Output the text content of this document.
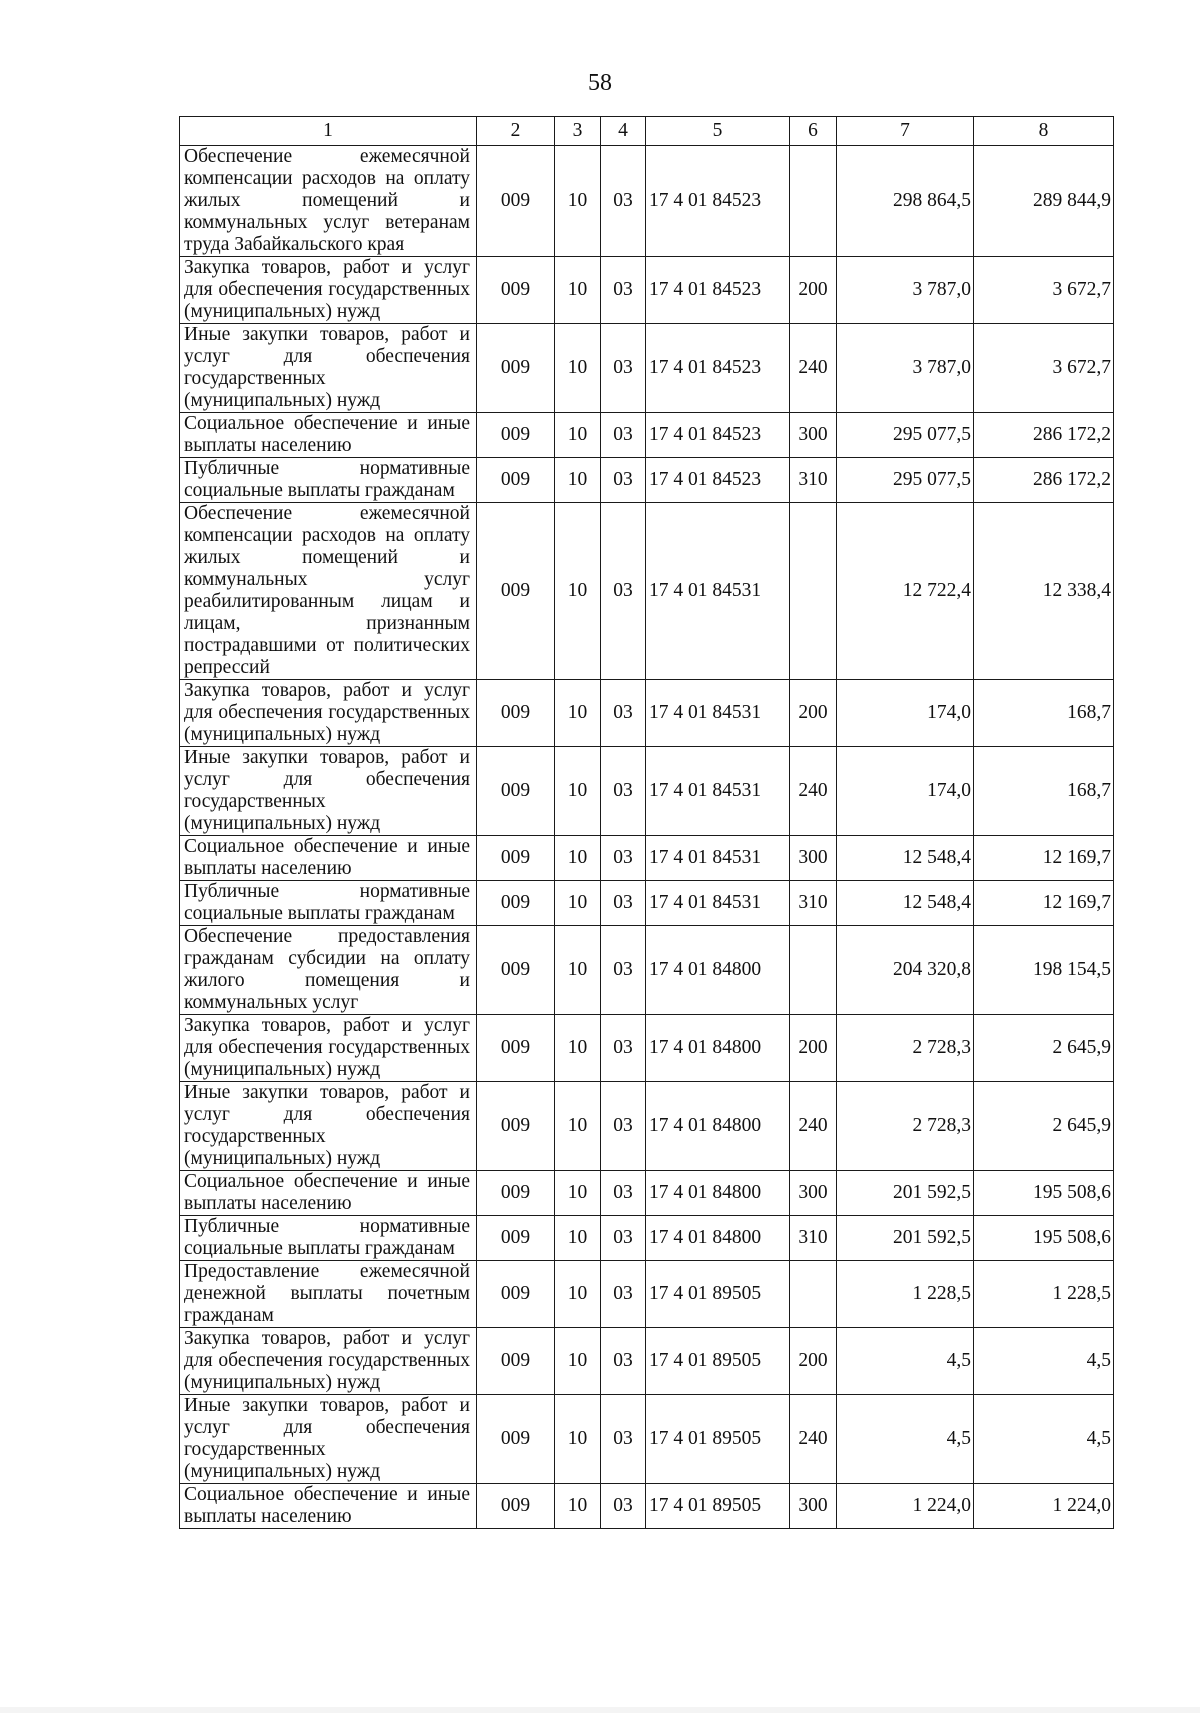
58
1	2	3	4	5	6	7	8
Обеспечение ежемесячной компенсации расходов на оплату жилых помещений и коммунальных услуг ветеранам труда Забайкальского края	009	10	03	17 4 01 84523		298 864,5	289 844,9
Закупка товаров, работ и услуг для обеспечения государственных (муниципальных) нужд	009	10	03	17 4 01 84523	200	3 787,0	3 672,7
Иные закупки товаров, работ и услуг для обеспечения государственных (муниципальных) нужд	009	10	03	17 4 01 84523	240	3 787,0	3 672,7
Социальное обеспечение и иные выплаты населению	009	10	03	17 4 01 84523	300	295 077,5	286 172,2
Публичные нормативные социальные выплаты гражданам	009	10	03	17 4 01 84523	310	295 077,5	286 172,2
Обеспечение ежемесячной компенсации расходов на оплату жилых помещений и коммунальных услуг реабилитированным лицам и лицам, признанным пострадавшими от политических репрессий	009	10	03	17 4 01 84531		12 722,4	12 338,4
Закупка товаров, работ и услуг для обеспечения государственных (муниципальных) нужд	009	10	03	17 4 01 84531	200	174,0	168,7
Иные закупки товаров, работ и услуг для обеспечения государственных (муниципальных) нужд	009	10	03	17 4 01 84531	240	174,0	168,7
Социальное обеспечение и иные выплаты населению	009	10	03	17 4 01 84531	300	12 548,4	12 169,7
Публичные нормативные социальные выплаты гражданам	009	10	03	17 4 01 84531	310	12 548,4	12 169,7
Обеспечение предоставления гражданам субсидии на оплату жилого помещения и коммунальных услуг	009	10	03	17 4 01 84800		204 320,8	198 154,5
Закупка товаров, работ и услуг для обеспечения государственных (муниципальных) нужд	009	10	03	17 4 01 84800	200	2 728,3	2 645,9
Иные закупки товаров, работ и услуг для обеспечения государственных (муниципальных) нужд	009	10	03	17 4 01 84800	240	2 728,3	2 645,9
Социальное обеспечение и иные выплаты населению	009	10	03	17 4 01 84800	300	201 592,5	195 508,6
Публичные нормативные социальные выплаты гражданам	009	10	03	17 4 01 84800	310	201 592,5	195 508,6
Предоставление ежемесячной денежной выплаты почетным гражданам	009	10	03	17 4 01 89505		1 228,5	1 228,5
Закупка товаров, работ и услуг для обеспечения государственных (муниципальных) нужд	009	10	03	17 4 01 89505	200	4,5	4,5
Иные закупки товаров, работ и услуг для обеспечения государственных (муниципальных) нужд	009	10	03	17 4 01 89505	240	4,5	4,5
Социальное обеспечение и иные выплаты населению	009	10	03	17 4 01 89505	300	1 224,0	1 224,0
